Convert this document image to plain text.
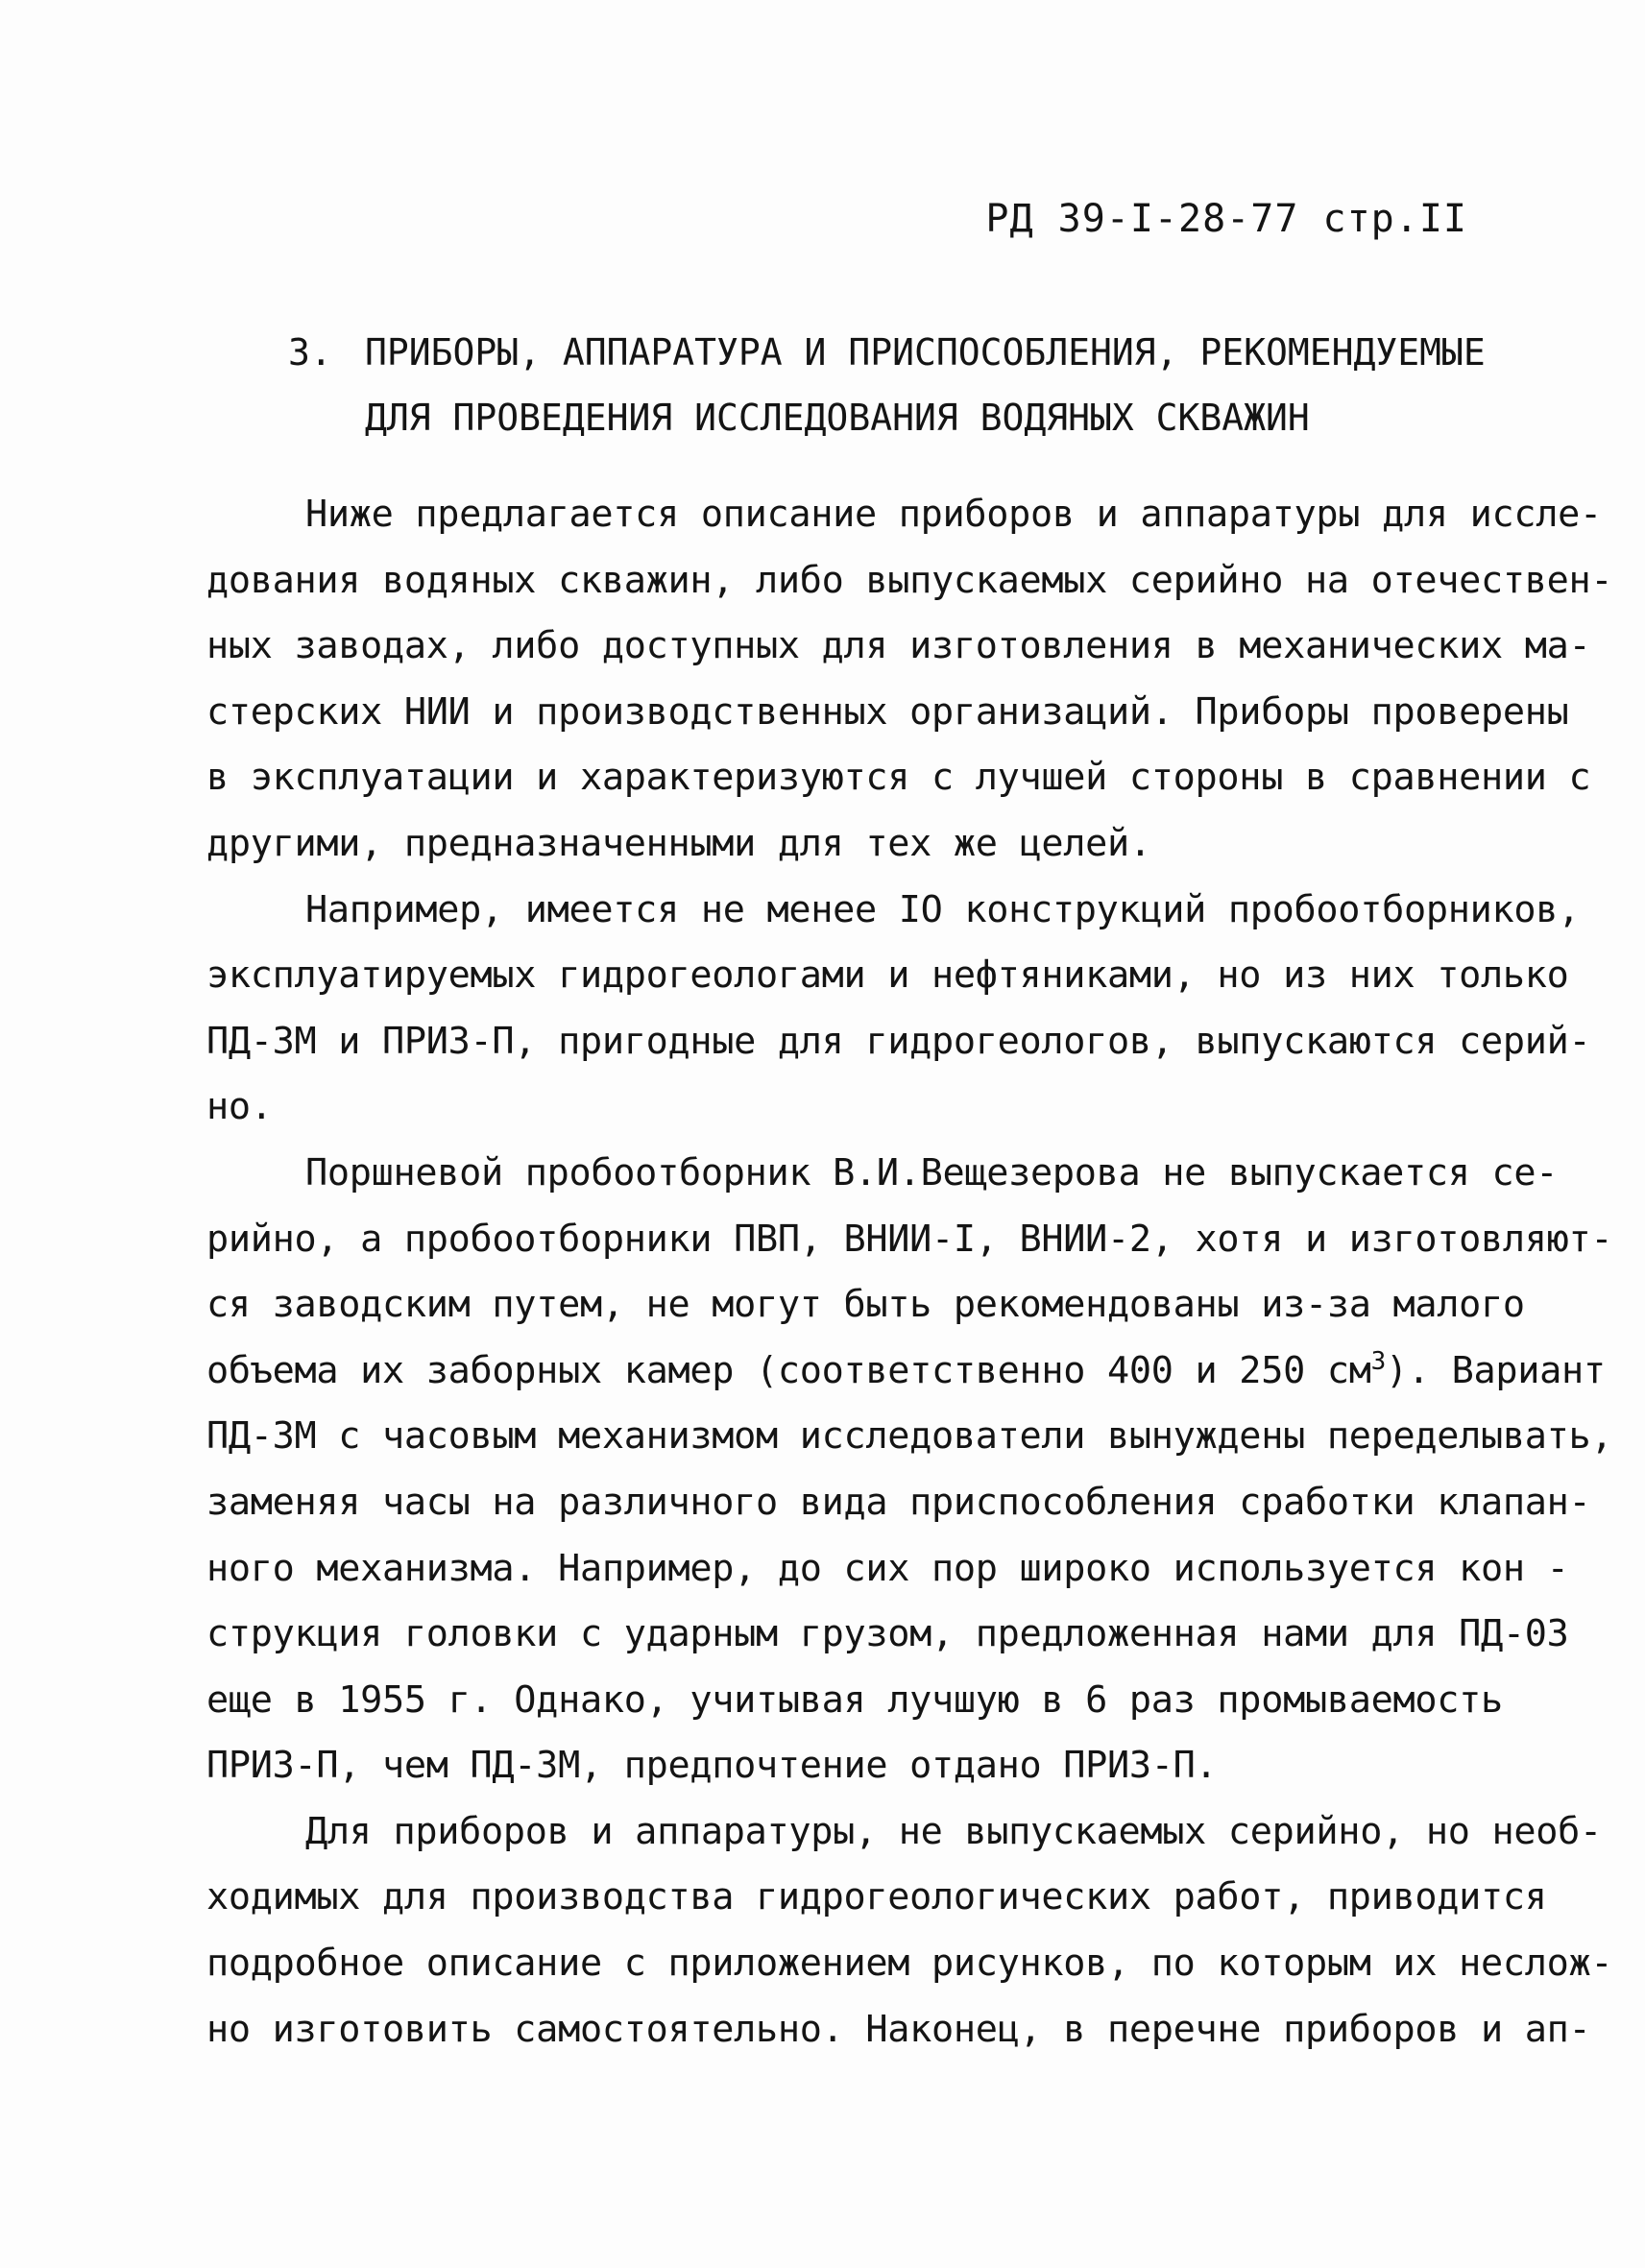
РД 39-I-28-77 стр.II
3. ПРИБОРЫ, АППАРАТУРА И ПРИСПОСОБЛЕНИЯ, РЕКОМЕНДУЕМЫЕ
ДЛЯ ПРОВЕДЕНИЯ ИССЛЕДОВАНИЯ ВОДЯНЫХ СКВАЖИН
Ниже предлагается описание приборов и аппаратуры для иссле-
дования водяных скважин, либо выпускаемых серийно на отечествен-
ных заводах, либо доступных для изготовления в механических ма-
стерских НИИ и производственных организаций. Приборы проверены
в эксплуатации и характеризуются с лучшей стороны в сравнении с
другими, предназначенными для тех же целей.
Например, имеется не менее IO конструкций пробоотборников,
эксплуатируемых гидрогеологами и нефтяниками, но из них только
ПД-3М и ПРИЗ-П, пригодные для гидрогеологов, выпускаются серий-
но.
Поршневой пробоотборник В.И.Вещезерова не выпускается се-
рийно, а пробоотборники ПВП, ВНИИ-I, ВНИИ-2, хотя и изготовляют-
ся заводским путем, не могут быть рекомендованы из-за малого
объема их заборных камер (соответственно 400 и 250 $см^3$). Вариант
ПД-3М с часовым механизмом исследователи вынуждены переделывать,
заменяя часы на различного вида приспособления сработки клапан-
ного механизма. Например, до сих пор широко используется кон -
струкция головки с ударным грузом, предложенная нами для ПД-03
еще в 1955 г. Однако, учитывая лучшую в 6 раз промываемость
ПРИЗ-П, чем ПД-3М, предпочтение отдано ПРИЗ-П.
Для приборов и аппаратуры, не выпускаемых серийно, но необ-
ходимых для производства гидрогеологических работ, приводится
подробное описание с приложением рисунков, по которым их неслож-
но изготовить самостоятельно. Наконец, в перечне приборов и ап-
